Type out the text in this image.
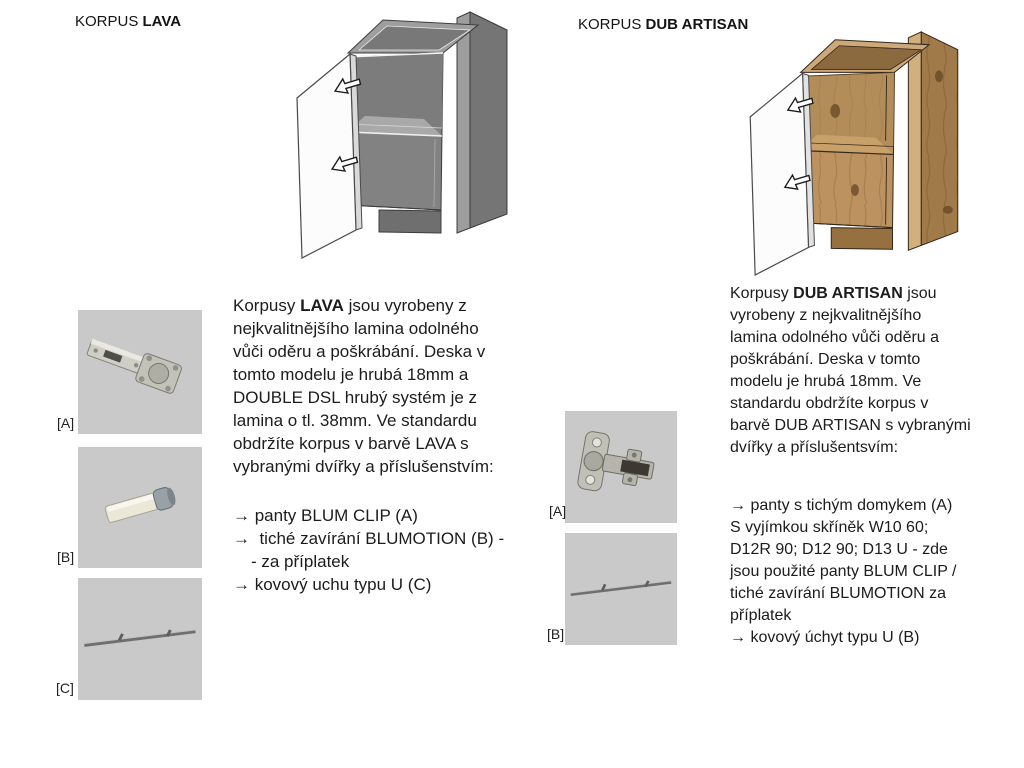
KORPUS LAVA	KORPUS DUB ARTISAN
[A]
[B]
[C]
[A]
[B]
Korpusy LAVA jsou vyrobeny z
nejkvalitnějšího lamina odolného
vůči oděru a poškrábání. Deska v
tomto modelu je hrubá 18mm a
DOUBLE DSL hrubý systém je z
lamina o tl. 38mm. Ve standardu
obdržíte korpus v barvě LAVA s
vybranými dvířky a příslušenstvím:
→ panty BLUM CLIP (A)
→  tiché zavírání BLUMOTION (B) -
- za příplatek
→ kovový uchu typu U (C)
Korpusy DUB ARTISAN jsou
vyrobeny z nejkvalitnějšího
lamina odolného vůči oděru a
poškrábání. Deska v tomto
modelu je hrubá 18mm. Ve
standardu obdržíte korpus v
barvě DUB ARTISAN s vybranými
dvířky a příslušentsvím:
→ panty s tichým domykem (A)
S vyjímkou skříněk W10 60;
D12R 90; D12 90; D13 U - zde
jsou použité panty BLUM CLIP /
tiché zavírání BLUMOTION za
příplatek
→ kovový úchyt typu U (B)
